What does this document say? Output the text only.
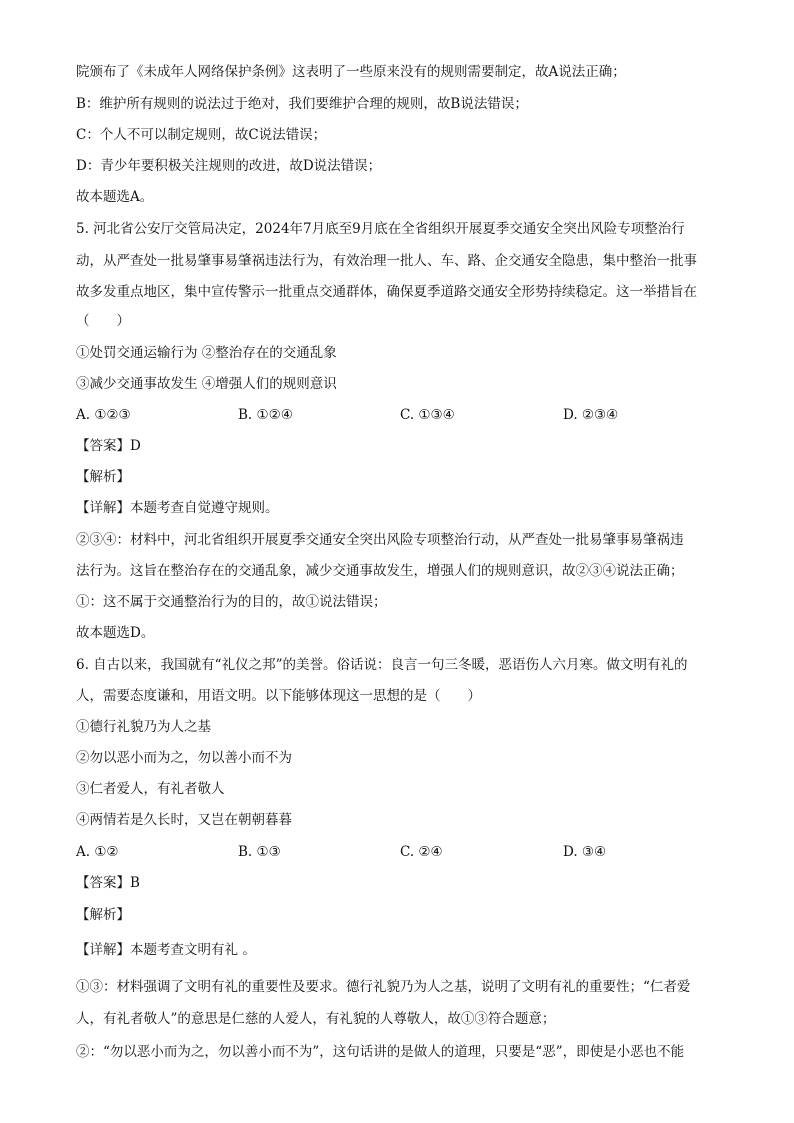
院颁布了《未成年人网络保护条例》这表明了一些原来没有的规则需要制定，故A说法正确；
B：维护所有规则的说法过于绝对，我们要维护合理的规则，故B说法错误；
C：个人不可以制定规则，故C说法错误；
D：青少年要积极关注规则的改进，故D说法错误；
故本题选A。
5. 河北省公安厅交管局决定，2024年7月底至9月底在全省组织开展夏季交通安全突出风险专项整治行
动，从严查处一批易肇事易肇祸违法行为，有效治理一批人、车、路、企交通安全隐患，集中整治一批事
故多发重点地区，集中宣传警示一批重点交通群体，确保夏季道路交通安全形势持续稳定。这一举措旨在
（　　）
①处罚交通运输行为 ②整治存在的交通乱象
③减少交通事故发生 ④增强人们的规则意识
A. ①②③	B. ①②④	C. ①③④	D. ②③④
【答案】D
【解析】
【详解】本题考查自觉遵守规则。
②③④：材料中，河北省组织开展夏季交通安全突出风险专项整治行动，从严查处一批易肇事易肇祸违
法行为。这旨在整治存在的交通乱象，减少交通事故发生，增强人们的规则意识，故②③④说法正确；
①：这不属于交通整治行为的目的，故①说法错误；
故本题选D。
6. 自古以来，我国就有“礼仪之邦”的美誉。俗话说：良言一句三冬暖，恶语伤人六月寒。做文明有礼的
人，需要态度谦和，用语文明。以下能够体现这一思想的是（　　）
①德行礼貌乃为人之基
②勿以恶小而为之，勿以善小而不为
③仁者爱人，有礼者敬人
④两情若是久长时，又岂在朝朝暮暮
A. ①②	B. ①③	C. ②④	D. ③④
【答案】B
【解析】
【详解】本题考查文明有礼 。
①③：材料强调了文明有礼的重要性及要求。德行礼貌乃为人之基，说明了文明有礼的重要性；“仁者爱
人，有礼者敬人”的意思是仁慈的人爱人，有礼貌的人尊敬人，故①③符合题意；
②：“勿以恶小而为之，勿以善小而不为”，这句话讲的是做人的道理，只要是“恶”，即使是小恶也不能
